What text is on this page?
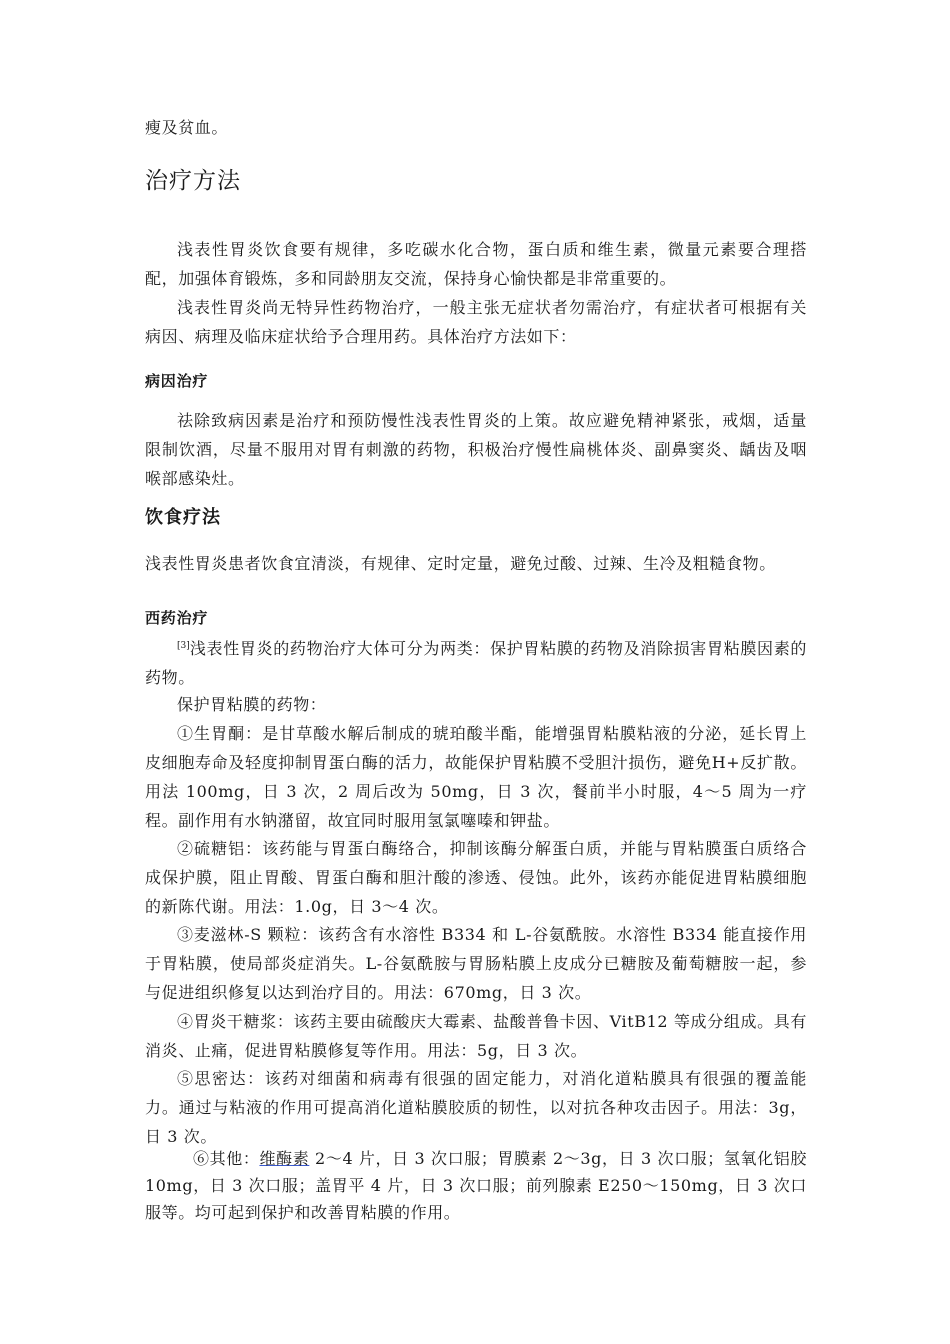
瘦及贫血。

治疗方法

浅表性胃炎饮食要有规律，多吃碳水化合物，蛋白质和维生素，微量元素要合理搭配，加强体育锻炼，多和同龄朋友交流，保持身心愉快都是非常重要的。

浅表性胃炎尚无特异性药物治疗，一般主张无症状者勿需治疗，有症状者可根据有关病因、病理及临床症状给予合理用药。具体治疗方法如下：

病因治疗

祛除致病因素是治疗和预防慢性浅表性胃炎的上策。故应避免精神紧张，戒烟，适量限制饮酒，尽量不服用对胃有刺激的药物，积极治疗慢性扁桃体炎、副鼻窦炎、龋齿及咽喉部感染灶。

饮食疗法

浅表性胃炎患者饮食宜清淡，有规律、定时定量，避免过酸、过辣、生冷及粗糙食物。

西药治疗

[3]浅表性胃炎的药物治疗大体可分为两类：保护胃粘膜的药物及消除损害胃粘膜因素的药物。

保护胃粘膜的药物：

①生胃酮：是甘草酸水解后制成的琥珀酸半酯，能增强胃粘膜粘液的分泌，延长胃上皮细胞寿命及轻度抑制胃蛋白酶的活力，故能保护胃粘膜不受胆汁损伤，避免H+反扩散。用法 100mg，日 3 次，2 周后改为 50mg，日 3 次，餐前半小时服，4～5 周为一疗程。副作用有水钠潴留，故宜同时服用氢氯噻嗪和钾盐。

②硫糖铝：该药能与胃蛋白酶络合，抑制该酶分解蛋白质，并能与胃粘膜蛋白质络合成保护膜，阻止胃酸、胃蛋白酶和胆汁酸的渗透、侵蚀。此外，该药亦能促进胃粘膜细胞的新陈代谢。用法：1.0g，日 3～4 次。

③麦滋林-S 颗粒：该药含有水溶性 B334 和 L-谷氨酰胺。水溶性 B334 能直接作用于胃粘膜，使局部炎症消失。L-谷氨酰胺与胃肠粘膜上皮成分已糖胺及葡萄糖胺一起，参与促进组织修复以达到治疗目的。用法：670mg，日 3 次。

④胃炎干糖浆：该药主要由硫酸庆大霉素、盐酸普鲁卡因、VitB12 等成分组成。具有消炎、止痛，促进胃粘膜修复等作用。用法：5g，日 3 次。

⑤思密达：该药对细菌和病毒有很强的固定能力，对消化道粘膜具有很强的覆盖能力。通过与粘液的作用可提高消化道粘膜胶质的韧性，以对抗各种攻击因子。用法：3g，日 3 次。

⑥其他：维酶素 2～4 片，日 3 次口服；胃膜素 2～3g，日 3 次口服；氢氧化铝胶 10mg，日 3 次口服；盖胃平 4 片，日 3 次口服；前列腺素 E250～150mg，日 3 次口服等。均可起到保护和改善胃粘膜的作用。
